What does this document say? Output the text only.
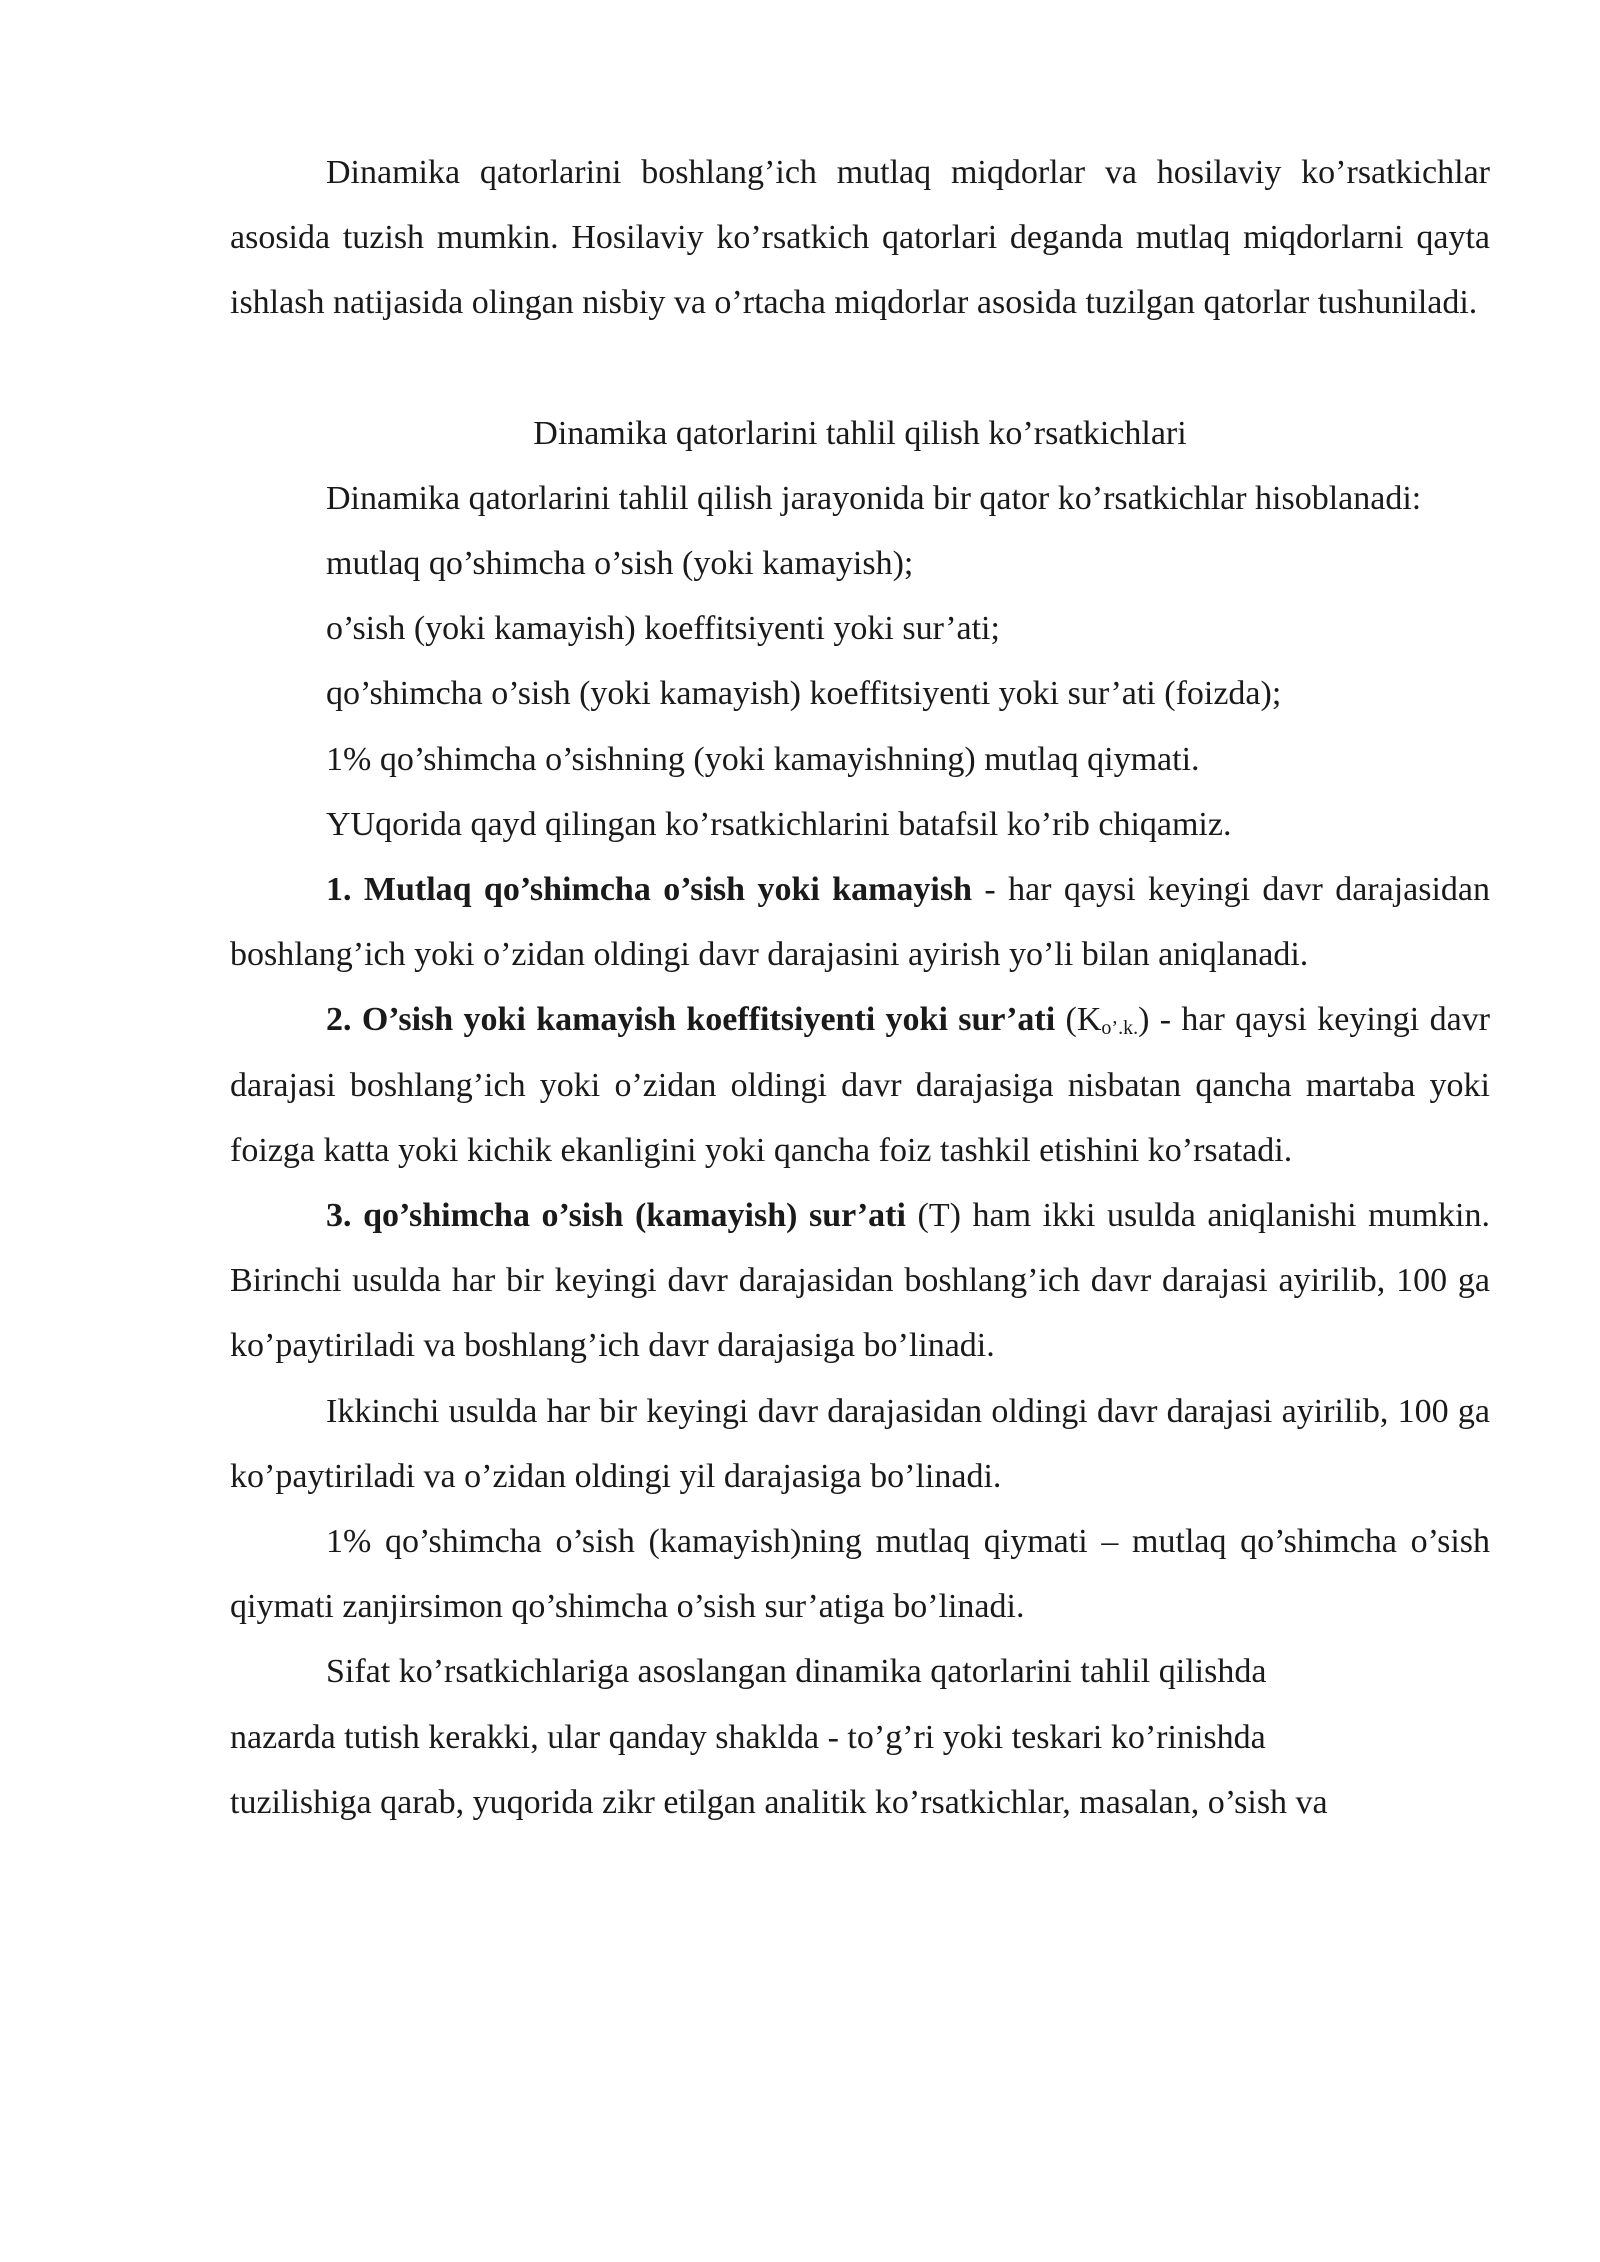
Dinamika qatorlarini boshlang’ich mutlaq miqdorlar va hosilaviy ko’rsatkichlar asosida tuzish mumkin. Hosilaviy ko’rsatkich qatorlari deganda mutlaq miqdorlarni qayta ishlash natijasida olingan nisbiy va o’rtacha miqdorlar asosida tuzilgan qatorlar tushuniladi.

Dinamika qatorlarini tahlil qilish ko’rsatkichlari

Dinamika qatorlarini tahlil qilish jarayonida bir qator ko’rsatkichlar hisoblanadi:

mutlaq qo’shimcha o’sish (yoki kamayish);

o’sish (yoki kamayish) koeffitsiyenti yoki sur’ati;

qo’shimcha o’sish (yoki kamayish) koeffitsiyenti yoki sur’ati (foizda);

1% qo’shimcha o’sishning (yoki kamayishning) mutlaq qiymati.

YUqorida qayd qilingan ko’rsatkichlarini batafsil ko’rib chiqamiz.

1. Mutlaq qo’shimcha o’sish yoki kamayish - har qaysi keyingi davr darajasidan boshlang’ich yoki o’zidan oldingi davr darajasini ayirish yo’li bilan aniqlanadi.

2. O’sish yoki kamayish koeffitsiyenti yoki sur’ati $(K_{o’.k.})$ - har qaysi keyingi davr darajasi boshlang’ich yoki o’zidan oldingi davr darajasiga nisbatan qancha martaba yoki foizga katta yoki kichik ekanligini yoki qancha foiz tashkil etishini ko’rsatadi.

3. qo’shimcha o’sish (kamayish) sur’ati (T) ham ikki usulda aniqlanishi mumkin. Birinchi usulda har bir keyingi davr darajasidan boshlang’ich davr darajasi ayirilib, 100 ga ko’paytiriladi va boshlang’ich davr darajasiga bo’linadi.

Ikkinchi usulda har bir keyingi davr darajasidan oldingi davr darajasi ayirilib, 100 ga ko’paytiriladi va o’zidan oldingi yil darajasiga bo’linadi.

1% qo’shimcha o’sish (kamayish)ning mutlaq qiymati – mutlaq qo’shimcha o’sish qiymati zanjirsimon qo’shimcha o’sish sur’atiga bo’linadi.

Sifat ko’rsatkichlariga asoslangan dinamika qatorlarini tahlil qilishda

nazarda tutish kerakki, ular qanday shaklda - to’g’ri yoki teskari ko’rinishda

tuzilishiga qarab, yuqorida zikr etilgan analitik ko’rsatkichlar, masalan, o’sish va
